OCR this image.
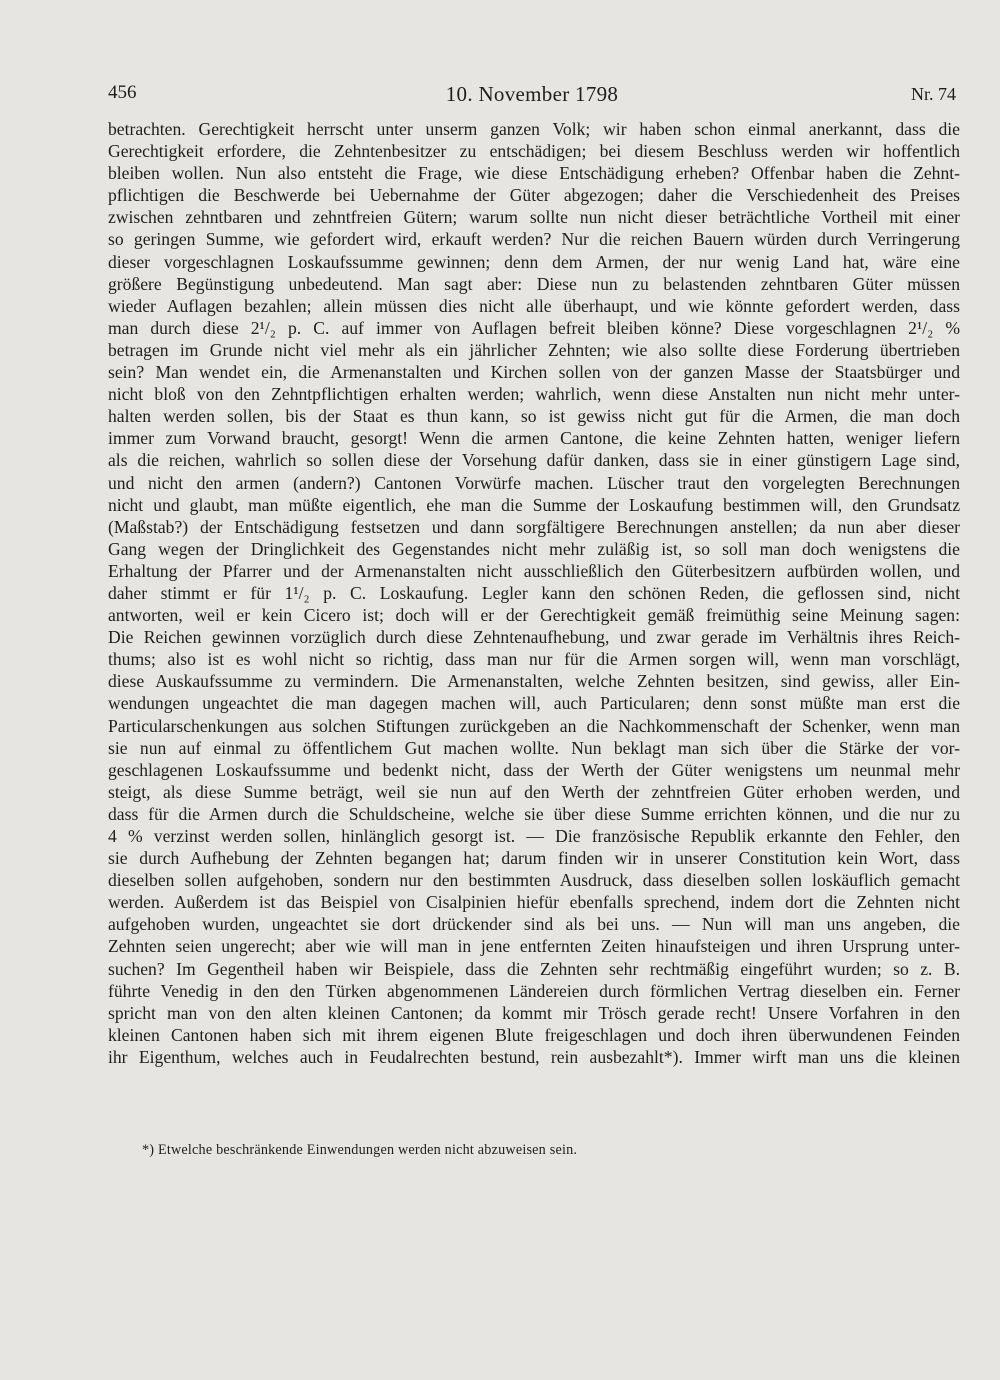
456	10. November 1798	Nr. 74
betrachten. Gerechtigkeit herrscht unter unserm ganzen Volk; wir haben schon einmal anerkannt, dass die
Gerechtigkeit erfordere, die Zehntenbesitzer zu entschädigen; bei diesem Beschluss werden wir hoffentlich
bleiben wollen. Nun also entsteht die Frage, wie diese Entschädigung erheben? Offenbar haben die Zehnt-
pflichtigen die Beschwerde bei Uebernahme der Güter abgezogen; daher die Verschiedenheit des Preises
zwischen zehntbaren und zehntfreien Gütern; warum sollte nun nicht dieser beträchtliche Vortheil mit einer
so geringen Summe, wie gefordert wird, erkauft werden? Nur die reichen Bauern würden durch Verringerung
dieser vorgeschlagnen Loskaufssumme gewinnen; denn dem Armen, der nur wenig Land hat, wäre eine
größere Begünstigung unbedeutend. Man sagt aber: Diese nun zu belastenden zehntbaren Güter müssen
wieder Auflagen bezahlen; allein müssen dies nicht alle überhaupt, und wie könnte gefordert werden, dass
man durch diese 2¹/₂ p. C. auf immer von Auflagen befreit bleiben könne? Diese vorgeschlagnen 2¹/₂ %
betragen im Grunde nicht viel mehr als ein jährlicher Zehnten; wie also sollte diese Forderung übertrieben
sein? Man wendet ein, die Armenanstalten und Kirchen sollen von der ganzen Masse der Staatsbürger und
nicht bloß von den Zehntpflichtigen erhalten werden; wahrlich, wenn diese Anstalten nun nicht mehr unter-
halten werden sollen, bis der Staat es thun kann, so ist gewiss nicht gut für die Armen, die man doch
immer zum Vorwand braucht, gesorgt! Wenn die armen Cantone, die keine Zehnten hatten, weniger liefern
als die reichen, wahrlich so sollen diese der Vorsehung dafür danken, dass sie in einer günstigern Lage sind,
und nicht den armen (andern?) Cantonen Vorwürfe machen. Lüscher traut den vorgelegten Berechnungen
nicht und glaubt, man müßte eigentlich, ehe man die Summe der Loskaufung bestimmen will, den Grundsatz
(Maßstab?) der Entschädigung festsetzen und dann sorgfältigere Berechnungen anstellen; da nun aber dieser
Gang wegen der Dringlichkeit des Gegenstandes nicht mehr zuläßig ist, so soll man doch wenigstens die
Erhaltung der Pfarrer und der Armenanstalten nicht ausschließlich den Güterbesitzern aufbürden wollen, und
daher stimmt er für 1¹/₂ p. C. Loskaufung. Legler kann den schönen Reden, die geflossen sind, nicht
antworten, weil er kein Cicero ist; doch will er der Gerechtigkeit gemäß freimüthig seine Meinung sagen:
Die Reichen gewinnen vorzüglich durch diese Zehntenaufhebung, und zwar gerade im Verhältnis ihres Reich-
thums; also ist es wohl nicht so richtig, dass man nur für die Armen sorgen will, wenn man vorschlägt,
diese Auskaufssumme zu vermindern. Die Armenanstalten, welche Zehnten besitzen, sind gewiss, aller Ein-
wendungen ungeachtet die man dagegen machen will, auch Particularen; denn sonst müßte man erst die
Particularschenkungen aus solchen Stiftungen zurückgeben an die Nachkommenschaft der Schenker, wenn man
sie nun auf einmal zu öffentlichem Gut machen wollte. Nun beklagt man sich über die Stärke der vor-
geschlagenen Loskaufssumme und bedenkt nicht, dass der Werth der Güter wenigstens um neunmal mehr
steigt, als diese Summe beträgt, weil sie nun auf den Werth der zehntfreien Güter erhoben werden, und
dass für die Armen durch die Schuldscheine, welche sie über diese Summe errichten können, und die nur zu
4 % verzinst werden sollen, hinlänglich gesorgt ist. — Die französische Republik erkannte den Fehler, den
sie durch Aufhebung der Zehnten begangen hat; darum finden wir in unserer Constitution kein Wort, dass
dieselben sollen aufgehoben, sondern nur den bestimmten Ausdruck, dass dieselben sollen loskäuflich gemacht
werden. Außerdem ist das Beispiel von Cisalpinien hiefür ebenfalls sprechend, indem dort die Zehnten nicht
aufgehoben wurden, ungeachtet sie dort drückender sind als bei uns. — Nun will man uns angeben, die
Zehnten seien ungerecht; aber wie will man in jene entfernten Zeiten hinaufsteigen und ihren Ursprung unter-
suchen? Im Gegentheil haben wir Beispiele, dass die Zehnten sehr rechtmäßig eingeführt wurden; so z. B.
führte Venedig in den den Türken abgenommenen Ländereien durch förmlichen Vertrag dieselben ein. Ferner
spricht man von den alten kleinen Cantonen; da kommt mir Trösch gerade recht! Unsere Vorfahren in den
kleinen Cantonen haben sich mit ihrem eigenen Blute freigeschlagen und doch ihren überwundenen Feinden
ihr Eigenthum, welches auch in Feudalrechten bestund, rein ausbezahlt*). Immer wirft man uns die kleinen
*) Etwelche beschränkende Einwendungen werden nicht abzuweisen sein.
